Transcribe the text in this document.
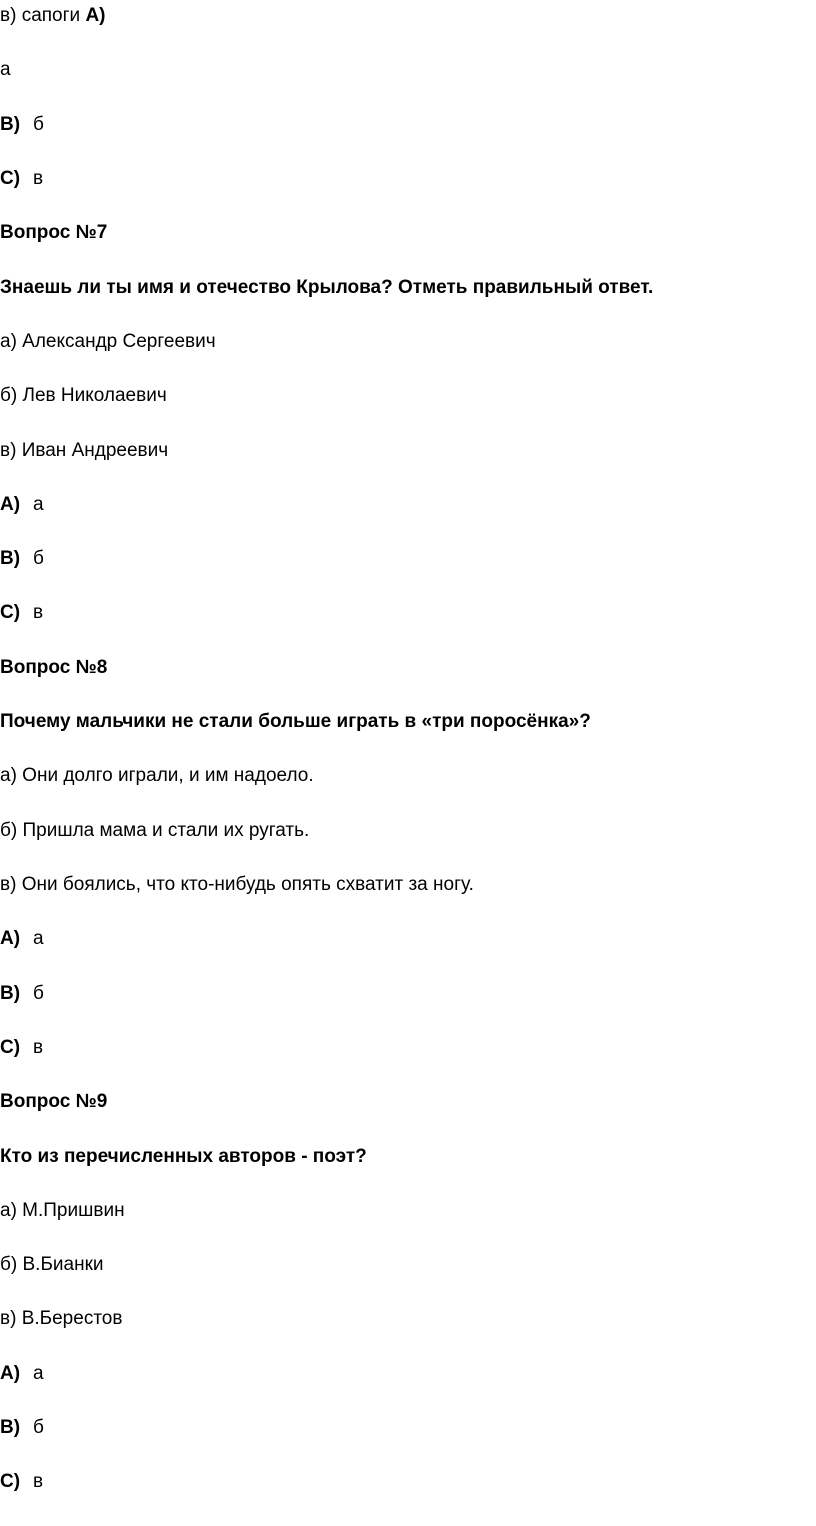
в) сапоги А)
а
B) б
C) в
Вопрос №7
Знаешь ли ты имя и отечество Крылова? Отметь правильный ответ.
а) Александр Сергеевич
б) Лев Николаевич
в) Иван Андреевич
A) а
B) б
C) в
Вопрос №8
Почему мальчики не стали больше играть в «три поросёнка»?
а) Они долго играли, и им надоело.
б) Пришла мама и стали их ругать.
в) Они боялись, что кто-нибудь опять схватит за ногу.
A) а
B) б
C) в
Вопрос №9
Кто из перечисленных авторов - поэт?
а) М.Пришвин
б) В.Бианки
в) В.Берестов
A) а
B) б
C) в
